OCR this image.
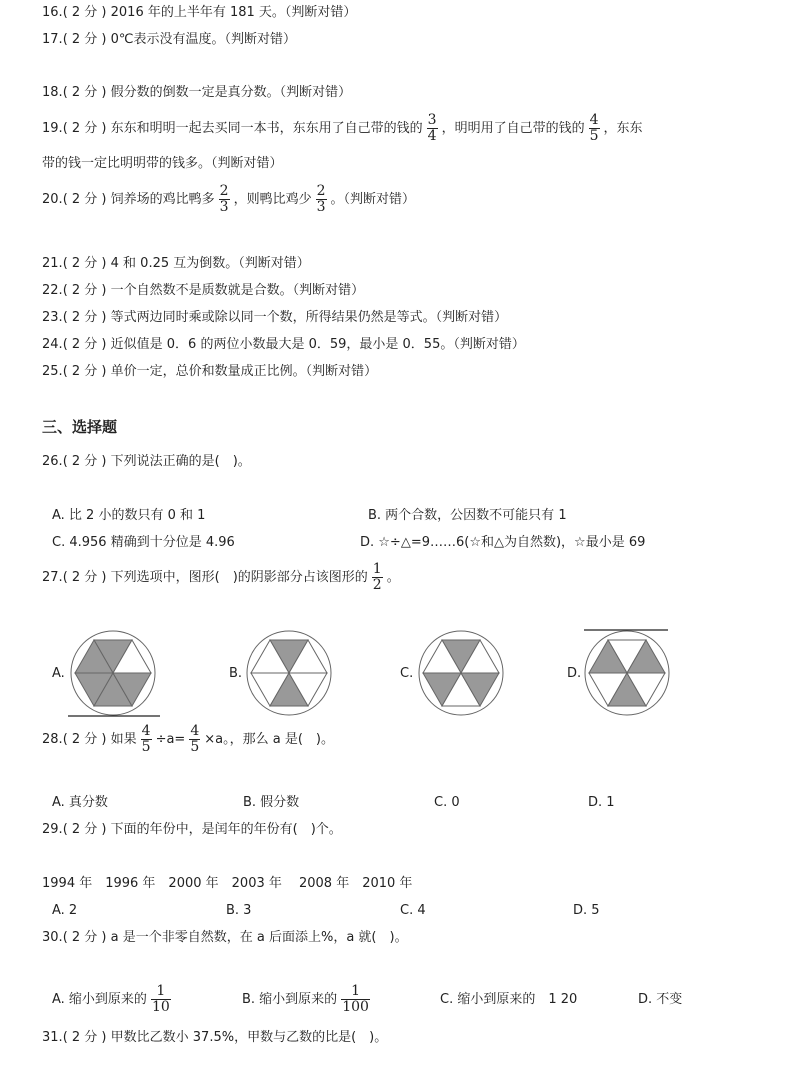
16.( 2 分 ) 2016 年的上半年有 181 天。（判断对错）
17.( 2 分 ) 0℃表示没有温度。（判断对错）
18.( 2 分 ) 假分数的倒数一定是真分数。（判断对错）
19.( 2 分 ) 东东和明明一起去买同一本书，东东用了自己带的钱的 $\frac{3}{4}$ ，明明用了自己带的钱的 $\frac{4}{5}$ ，东东
带的钱一定比明明带的钱多。（判断对错）
20.( 2 分 ) 饲养场的鸡比鸭多 $\frac{2}{3}$ ，则鸭比鸡少 $\frac{2}{3}$ 。（判断对错）
21.( 2 分 ) 4 和 0.25 互为倒数。（判断对错）
22.( 2 分 ) 一个自然数不是质数就是合数。（判断对错）
23.( 2 分 ) 等式两边同时乘或除以同一个数，所得结果仍然是等式。（判断对错）
24.( 2 分 ) 近似值是 0．6 的两位小数最大是 0．59，最小是 0．55。（判断对错）
25.( 2 分 ) 单价一定，总价和数量成正比例。（判断对错）
三、选择题
26.( 2 分 ) 下列说法正确的是(　)。
A. 比 2 小的数只有 0 和 1	B. 两个合数，公因数不可能只有 1
C. 4.956 精确到十分位是 4.96	D. ☆÷△=9……6(☆和△为自然数)，☆最小是 69
27.( 2 分 ) 下列选项中，图形(　)的阴影部分占该图形的 $\frac{1}{2}$ 。
A.	B.	C.	D.
28.( 2 分 ) 如果 $\frac{4}{5} \div a= \frac{4}{5} \times a$。，那么 a 是(　)。
A. 真分数	B. 假分数	C. 0	D. 1
29.( 2 分 ) 下面的年份中，是闰年的年份有(　)个。
1994 年　1996 年　2000 年　2003 年　 2008 年　2010 年
A. 2	B. 3	C. 4	D. 5
30.( 2 分 ) a 是一个非零自然数，在 a 后面添上%，a 就(　)。
A. 缩小到原来的 $\frac{1}{10}$	B. 缩小到原来的 $\frac{1}{100}$	C. 缩小到原来的　1 20	D. 不变
31.( 2 分 ) 甲数比乙数小 37.5%，甲数与乙数的比是(　)。
